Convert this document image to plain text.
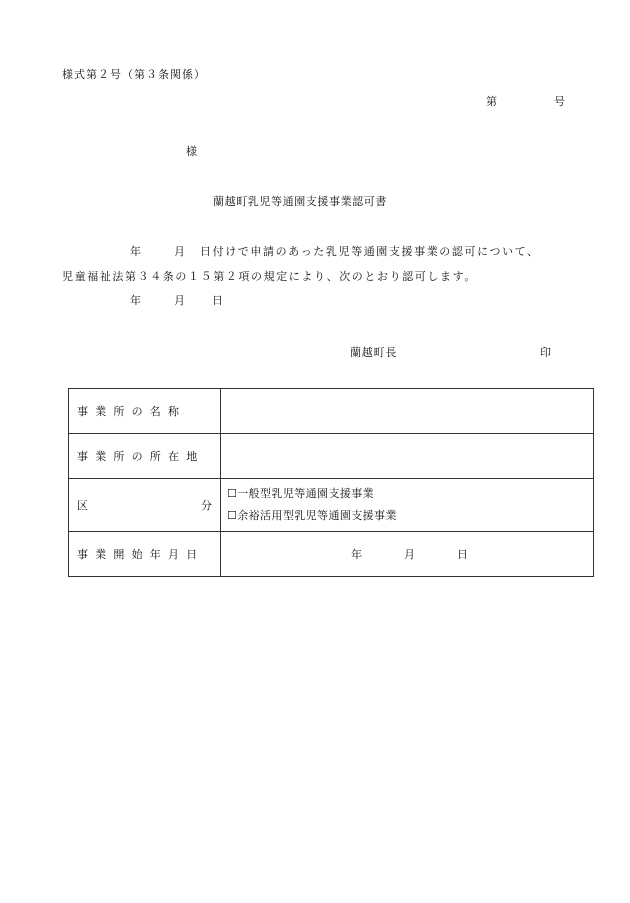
様式第２号（第３条関係）
第	号
様
蘭越町乳児等通園支援事業認可書
年	月 日付けで申請のあった乳児等通園支援事業の認可について、
児童福祉法第３４条の１５第２項の規定により、次のとおり認可します。
年	月 日
蘭越町長	印
事業所の名称	
事業所の所在地	

区 分	☐一般型乳児等通園支援事業
☐余裕活用型乳児等通園支援事業

事業開始年月日	年 月 日
